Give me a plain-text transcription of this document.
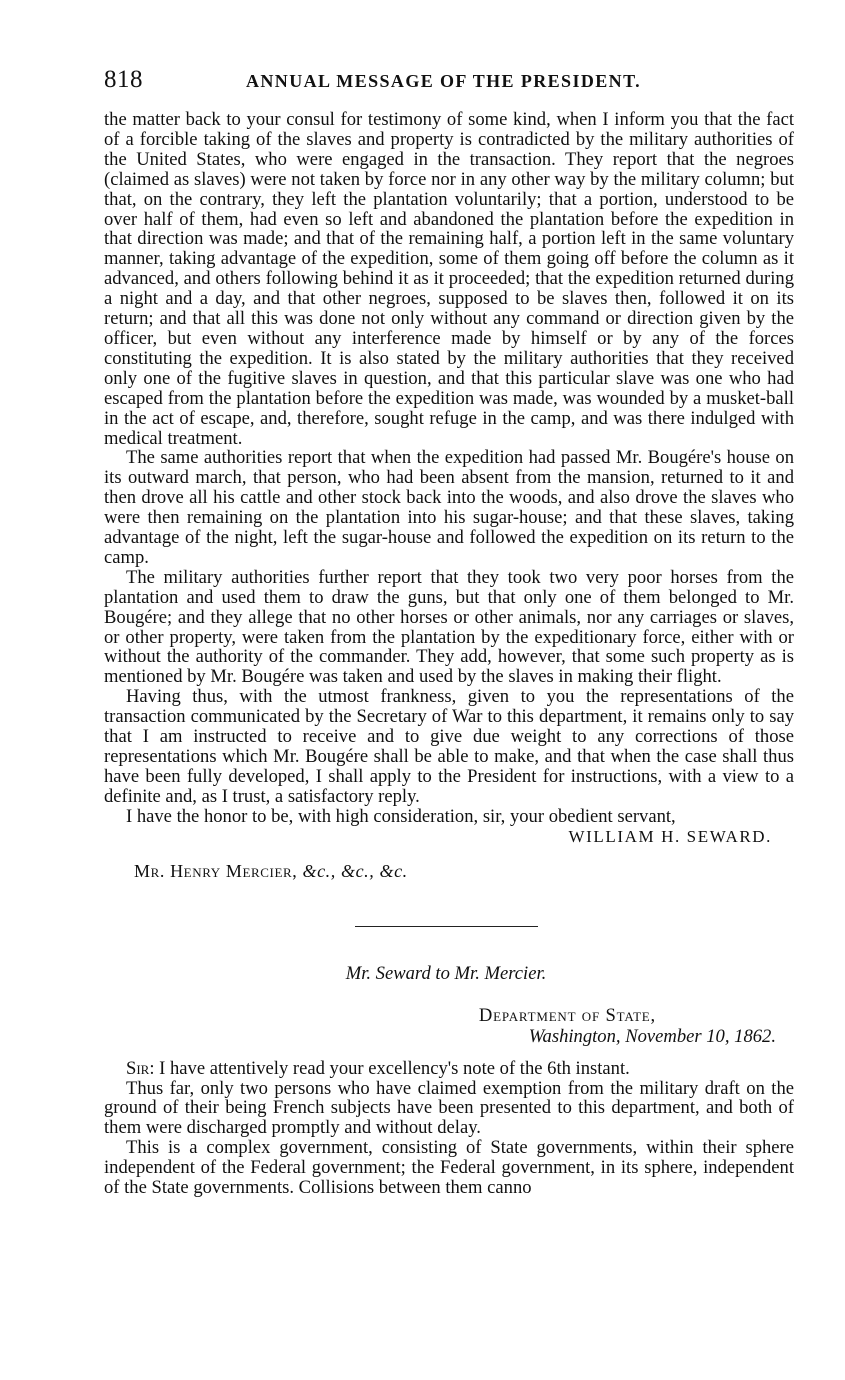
818	ANNUAL MESSAGE OF THE PRESIDENT.

the matter back to your consul for testimony of some kind, when I inform you that the fact of a forcible taking of the slaves and property is contradicted by the military authorities of the United States, who were engaged in the transaction. They report that the negroes (claimed as slaves) were not taken by force nor in any other way by the military column; but that, on the contrary, they left the plantation voluntarily; that a portion, understood to be over half of them, had even so left and abandoned the plantation before the expedition in that direction was made; and that of the remaining half, a portion left in the same voluntary manner, taking advantage of the expedition, some of them going off before the column as it advanced, and others following behind it as it proceeded; that the expedition returned during a night and a day, and that other negroes, supposed to be slaves then, followed it on its return; and that all this was done not only without any command or direction given by the officer, but even without any interference made by himself or by any of the forces constituting the expedition. It is also stated by the military authorities that they received only one of the fugitive slaves in question, and that this particular slave was one who had escaped from the plantation before the expedition was made, was wounded by a musket-ball in the act of escape, and, therefore, sought refuge in the camp, and was there indulged with medical treatment.

The same authorities report that when the expedition had passed Mr. Bougére's house on its outward march, that person, who had been absent from the mansion, returned to it and then drove all his cattle and other stock back into the woods, and also drove the slaves who were then remaining on the plantation into his sugar-house; and that these slaves, taking advantage of the night, left the sugar-house and followed the expedition on its return to the camp.

The military authorities further report that they took two very poor horses from the plantation and used them to draw the guns, but that only one of them belonged to Mr. Bougére; and they allege that no other horses or other animals, nor any carriages or slaves, or other property, were taken from the plantation by the expeditionary force, either with or without the authority of the commander. They add, however, that some such property as is mentioned by Mr. Bougére was taken and used by the slaves in making their flight.

Having thus, with the utmost frankness, given to you the representations of the transaction communicated by the Secretary of War to this department, it remains only to say that I am instructed to receive and to give due weight to any corrections of those representations which Mr. Bougére shall be able to make, and that when the case shall thus have been fully developed, I shall apply to the President for instructions, with a view to a definite and, as I trust, a satisfactory reply.

I have the honor to be, with high consideration, sir, your obedient servant,

WILLIAM H. SEWARD.

Mr. Henry Mercier, &c., &c., &c.

Mr. Seward to Mr. Mercier.

Department of State,
Washington, November 10, 1862.

Sir: I have attentively read your excellency's note of the 6th instant.

Thus far, only two persons who have claimed exemption from the military draft on the ground of their being French subjects have been presented to this department, and both of them were discharged promptly and without delay.

This is a complex government, consisting of State governments, within their sphere independent of the Federal government; the Federal government, in its sphere, independent of the State governments. Collisions between them canno
